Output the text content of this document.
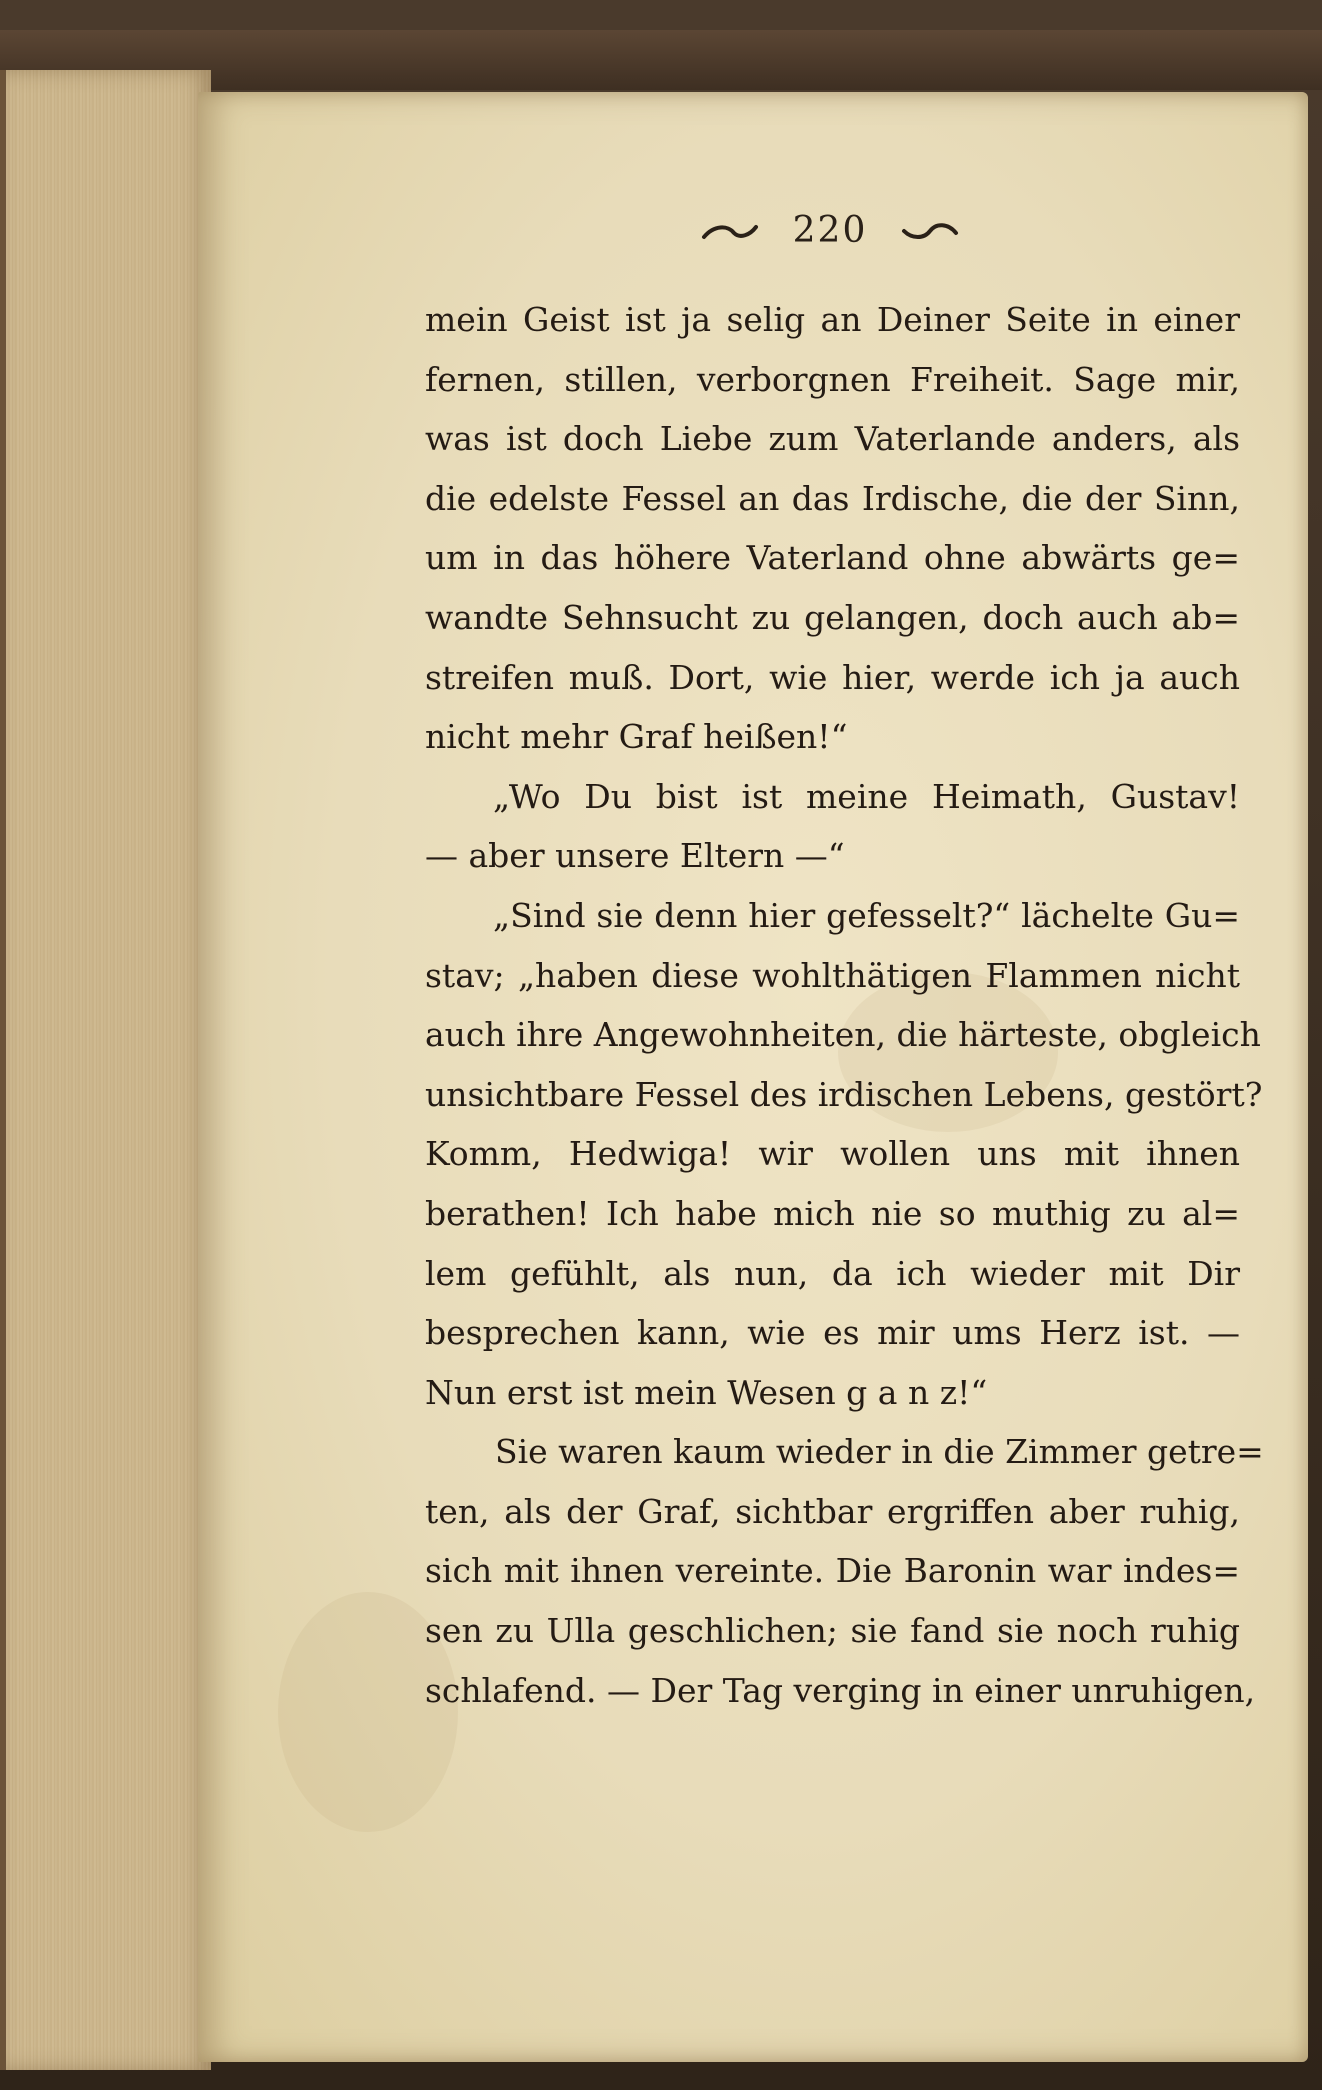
220
mein Geist ist ja selig an Deiner Seite in einer
fernen, stillen, verborgnen Freiheit. Sage mir,
was ist doch Liebe zum Vaterlande anders, als
die edelste Fessel an das Irdische, die der Sinn,
um in das höhere Vaterland ohne abwärts ge=
wandte Sehnsucht zu gelangen, doch auch ab=
streifen muß. Dort, wie hier, werde ich ja auch
nicht mehr Graf heißen!“
„Wo Du bist ist meine Heimath, Gustav!
— aber unsere Eltern —“
„Sind sie denn hier gefesselt?“ lächelte Gu=
stav; „haben diese wohlthätigen Flammen nicht
auch ihre Angewohnheiten, die härteste, obgleich
unsichtbare Fessel des irdischen Lebens, gestört?
Komm, Hedwiga! wir wollen uns mit ihnen
berathen! Ich habe mich nie so muthig zu al=
lem gefühlt, als nun, da ich wieder mit Dir
besprechen kann, wie es mir ums Herz ist. —
Nun erst ist mein Wesen g a n z!“
Sie waren kaum wieder in die Zimmer getre=
ten, als der Graf, sichtbar ergriffen aber ruhig,
sich mit ihnen vereinte. Die Baronin war indes=
sen zu Ulla geschlichen; sie fand sie noch ruhig
schlafend. — Der Tag verging in einer unruhigen,
